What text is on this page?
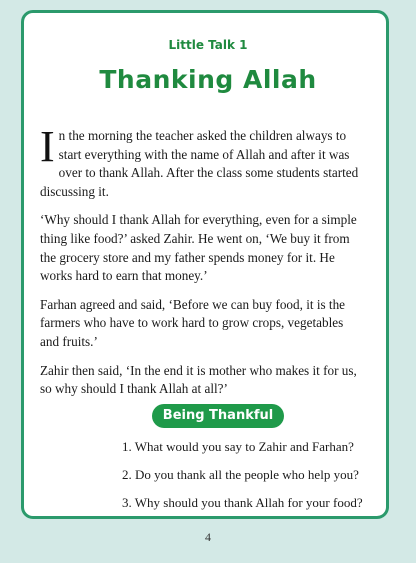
Little Talk 1
Thanking Allah

In the morning the teacher asked the children always to start everything with the name of Allah and after it was over to thank Allah. After the class some students started discussing it.

‘Why should I thank Allah for everything, even for a simple thing like food?’ asked Zahir. He went on, ‘We buy it from the grocery store and my father spends money for it. He works hard to earn that money.’

Farhan agreed and said, ‘Before we can buy food, it is the farmers who have to work hard to grow crops, vegetables and fruits.’

Zahir then said, ‘In the end it is mother who makes it for us, so why should I thank Allah at all?’

Being Thankful
1. What would you say to Zahir and Farhan?
2. Do you thank all the people who help you?
3. Why should you thank Allah for your food?
4
